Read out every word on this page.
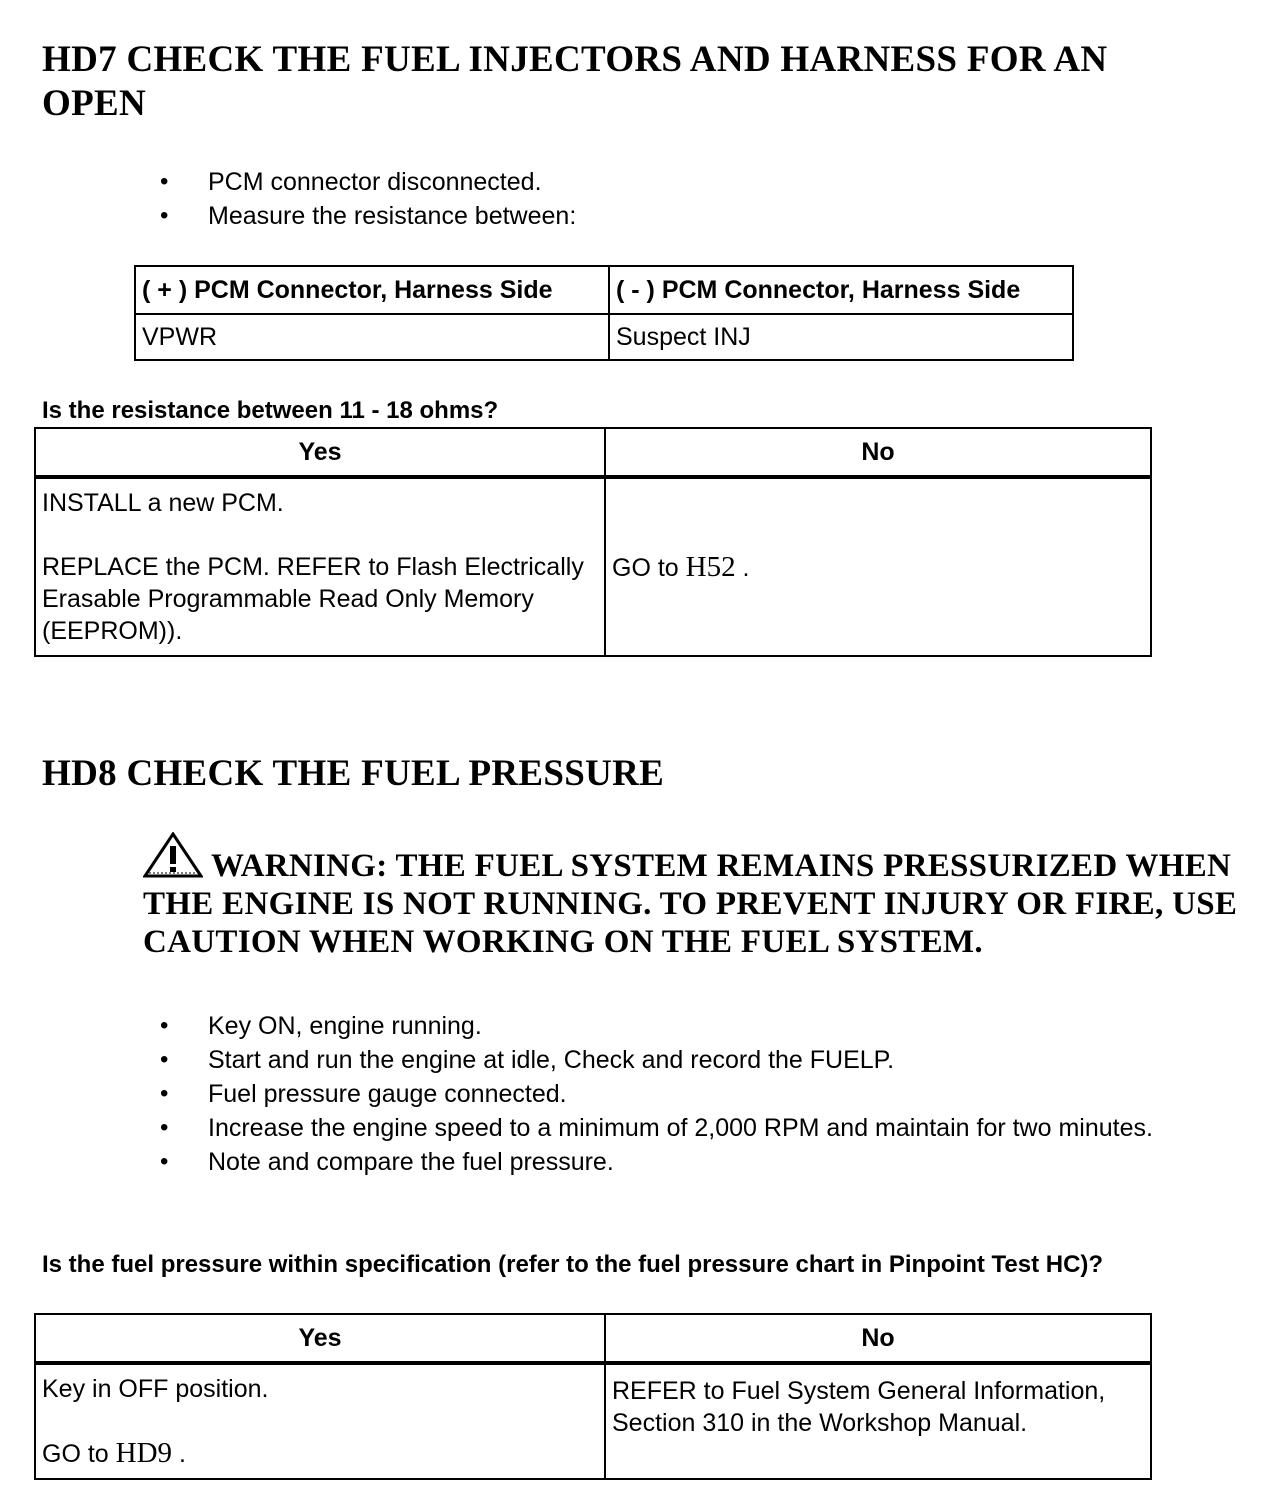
HD7 CHECK THE FUEL INJECTORS AND HARNESS FOR AN
OPEN
• PCM connector disconnected.
• Measure the resistance between:
( + ) PCM Connector, Harness Side	( - ) PCM Connector, Harness Side
VPWR	Suspect INJ
Is the resistance between 11 - 18 ohms?
Yes	No

INSTALL a new PCM.
REPLACE the PCM. REFER to Flash Electrically Erasable Programmable Read Only Memory (EEPROM)).	GO to H52 .
HD8 CHECK THE FUEL PRESSURE
WARNING: THE FUEL SYSTEM REMAINS PRESSURIZED WHEN THE ENGINE IS NOT RUNNING. TO PREVENT INJURY OR FIRE, USE CAUTION WHEN WORKING ON THE FUEL SYSTEM.
• Key ON, engine running.
• Start and run the engine at idle, Check and record the FUELP.
• Fuel pressure gauge connected.
• Increase the engine speed to a minimum of 2,000 RPM and maintain for two minutes.
• Note and compare the fuel pressure.
Is the fuel pressure within specification (refer to the fuel pressure chart in Pinpoint Test HC)?
Yes	No

Key in OFF position.
GO to HD9 .	REFER to Fuel System General Information, Section 310 in the Workshop Manual.
